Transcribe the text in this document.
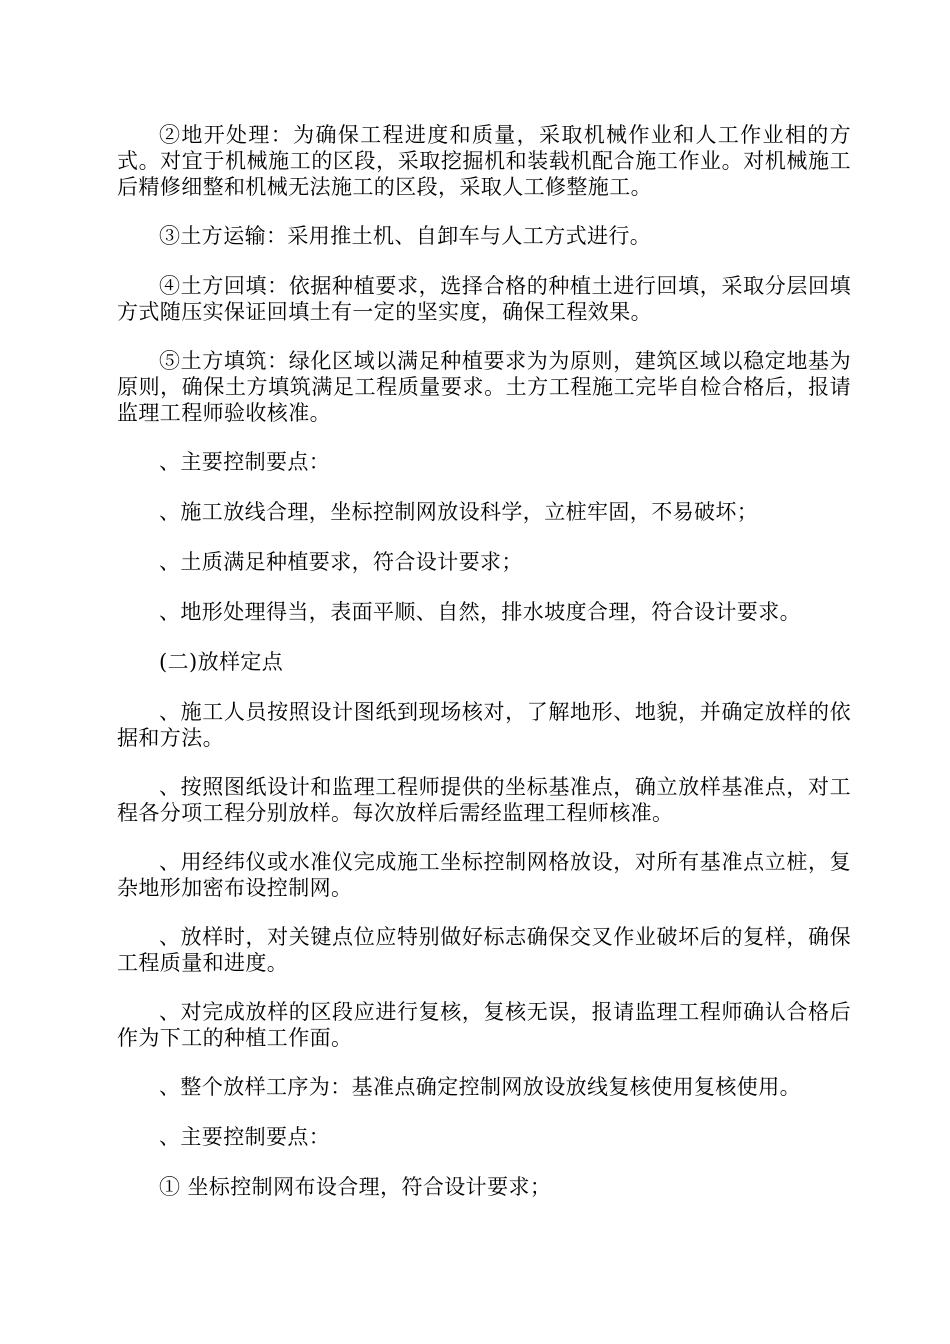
②地开处理：为确保工程进度和质量，采取机械作业和人工作业相的方式。对宜于机械施工的区段，采取挖掘机和装载机配合施工作业。对机械施工后精修细整和机械无法施工的区段，采取人工修整施工。

③土方运输：采用推土机、自卸车与人工方式进行。

④土方回填：依据种植要求，选择合格的种植土进行回填，采取分层回填方式随压实保证回填土有一定的坚实度，确保工程效果。

⑤土方填筑：绿化区域以满足种植要求为为原则，建筑区域以稳定地基为原则，确保土方填筑满足工程质量要求。土方工程施工完毕自检合格后，报请监理工程师验收核准。

、主要控制要点：

、施工放线合理，坐标控制网放设科学，立桩牢固，不易破坏；

、土质满足种植要求，符合设计要求；

、地形处理得当，表面平顺、自然，排水坡度合理，符合设计要求。

(二)放样定点

、施工人员按照设计图纸到现场核对，了解地形、地貌，并确定放样的依据和方法。

、按照图纸设计和监理工程师提供的坐标基准点，确立放样基准点，对工程各分项工程分别放样。每次放样后需经监理工程师核准。

、用经纬仪或水准仪完成施工坐标控制网格放设，对所有基准点立桩，复杂地形加密布设控制网。

、放样时，对关键点位应特别做好标志确保交叉作业破坏后的复样，确保工程质量和进度。

、对完成放样的区段应进行复核，复核无误，报请监理工程师确认合格后作为下工的种植工作面。

、整个放样工序为：基准点确定控制网放设放线复核使用复核使用。

、主要控制要点：

① 坐标控制网布设合理，符合设计要求；
